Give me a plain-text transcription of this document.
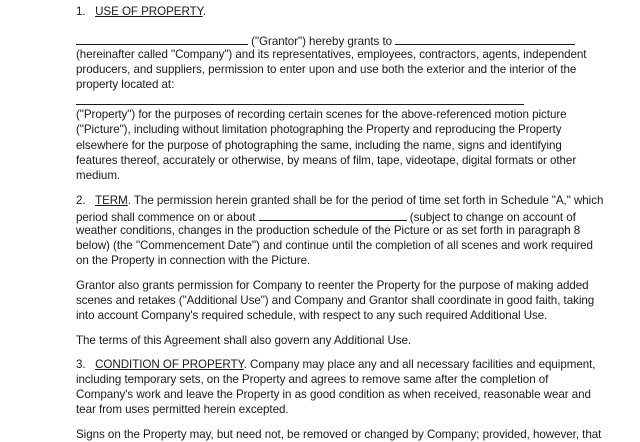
1. USE OF PROPERTY.
("Grantor") hereby grants to
(hereinafter called "Company") and its representatives, employees, contractors, agents, independent
producers, and suppliers, permission to enter upon and use both the exterior and the interior of the
property located at:
("Property") for the purposes of recording certain scenes for the above-referenced motion picture
("Picture"), including without limitation photographing the Property and reproducing the Property
elsewhere for the purpose of photographing the same, including the name, signs and identifying
features thereof, accurately or otherwise, by means of film, tape, videotape, digital formats or other
medium.
2. TERM. The permission herein granted shall be for the period of time set forth in Schedule "A," which
period shall commence on or about	(subject to change on account of
weather conditions, changes in the production schedule of the Picture or as set forth in paragraph 8
below) (the "Commencement Date") and continue until the completion of all scenes and work required
on the Property in connection with the Picture.
Grantor also grants permission for Company to reenter the Property for the purpose of making added
scenes and retakes ("Additional Use") and Company and Grantor shall coordinate in good faith, taking
into account Company's required schedule, with respect to any such required Additional Use.
The terms of this Agreement shall also govern any Additional Use.
3. CONDITION OF PROPERTY. Company may place any and all necessary facilities and equipment,
including temporary sets, on the Property and agrees to remove same after the completion of
Company's work and leave the Property in as good condition as when received, reasonable wear and
tear from uses permitted herein excepted.
Signs on the Property may, but need not, be removed or changed by Company; provided, however, that
